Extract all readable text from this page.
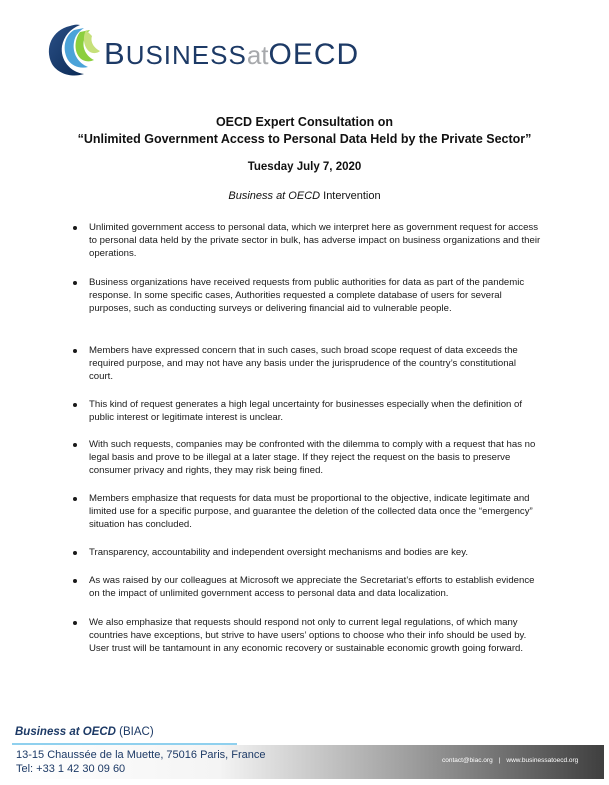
BUSINESSatOECD
OECD Expert Consultation on
“Unlimited Government Access to Personal Data Held by the Private Sector”
Tuesday July 7, 2020
Business at OECD Intervention
Unlimited government access to personal data, which we interpret here as government request for access to personal data held by the private sector in bulk, has adverse impact on business organizations and their operations.
Business organizations have received requests from public authorities for data as part of the pandemic response. In some specific cases, Authorities requested a complete database of users for several purposes, such as conducting surveys or delivering financial aid to vulnerable people.
Members have expressed concern that in such cases, such broad scope request of data exceeds the required purpose, and may not have any basis under the jurisprudence of the country’s constitutional court.
This kind of request generates a high legal uncertainty for businesses especially when the definition of public interest or legitimate interest is unclear.
With such requests, companies may be confronted with the dilemma to comply with a request that has no legal basis and prove to be illegal at a later stage. If they reject the request on the basis to preserve consumer privacy and rights, they may risk being fined.
Members emphasize that requests for data must be proportional to the objective, indicate legitimate and limited use for a specific purpose, and guarantee the deletion of the collected data once the “emergency” situation has concluded.
Transparency, accountability and independent oversight mechanisms and bodies are key.
As was raised by our colleagues at Microsoft we appreciate the Secretariat’s efforts to establish evidence on the impact of unlimited government access to personal data and data localization.
We also emphasize that requests should respond not only to current legal regulations, of which many countries have exceptions, but strive to have users’ options to choose who their info should be used by. User trust will be tantamount in any economic recovery or sustainable economic growth going forward.
Business at OECD (BIAC)
13-15 Chaussée de la Muette, 75016 Paris, France
Tel: +33 1 42 30 09 60
contact@biac.org | www.businessatoecd.org
